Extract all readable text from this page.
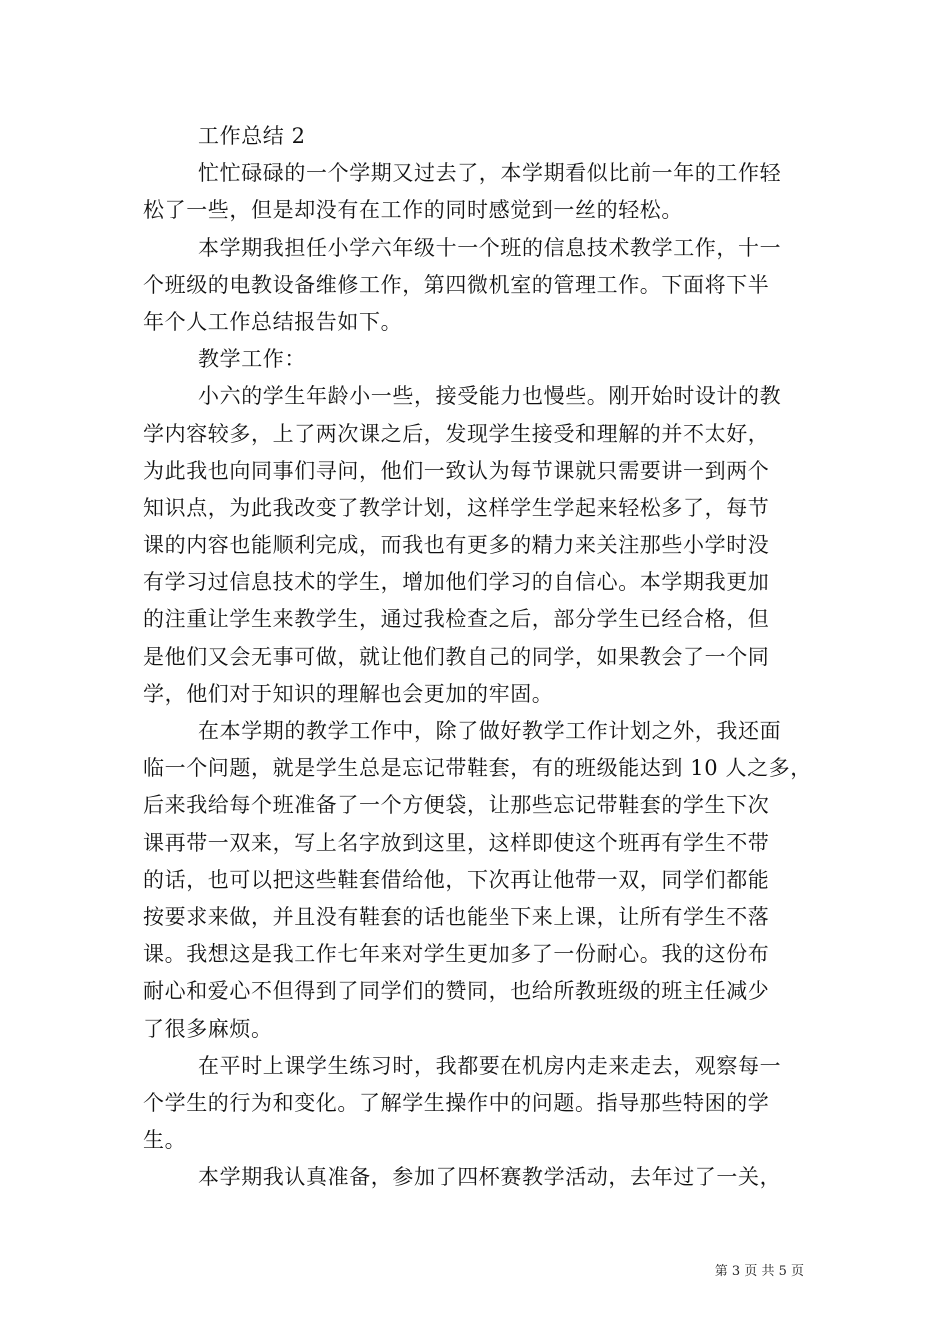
工作总结 2
忙忙碌碌的一个学期又过去了，本学期看似比前一年的工作轻
松了一些，但是却没有在工作的同时感觉到一丝的轻松。
本学期我担任小学六年级十一个班的信息技术教学工作，十一
个班级的电教设备维修工作，第四微机室的管理工作。下面将下半
年个人工作总结报告如下。
教学工作：
小六的学生年龄小一些，接受能力也慢些。刚开始时设计的教
学内容较多，上了两次课之后，发现学生接受和理解的并不太好，
为此我也向同事们寻问，他们一致认为每节课就只需要讲一到两个
知识点，为此我改变了教学计划，这样学生学起来轻松多了，每节
课的内容也能顺利完成，而我也有更多的精力来关注那些小学时没
有学习过信息技术的学生，增加他们学习的自信心。本学期我更加
的注重让学生来教学生，通过我检查之后，部分学生已经合格，但
是他们又会无事可做，就让他们教自己的同学，如果教会了一个同
学，他们对于知识的理解也会更加的牢固。
在本学期的教学工作中，除了做好教学工作计划之外，我还面
临一个问题，就是学生总是忘记带鞋套，有的班级能达到 10 人之多，
后来我给每个班准备了一个方便袋，让那些忘记带鞋套的学生下次
课再带一双来，写上名字放到这里，这样即使这个班再有学生不带
的话，也可以把这些鞋套借给他，下次再让他带一双，同学们都能
按要求来做，并且没有鞋套的话也能坐下来上课，让所有学生不落
课。我想这是我工作七年来对学生更加多了一份耐心。我的这份布
耐心和爱心不但得到了同学们的赞同，也给所教班级的班主任减少
了很多麻烦。
在平时上课学生练习时，我都要在机房内走来走去，观察每一
个学生的行为和变化。了解学生操作中的问题。指导那些特困的学
生。
本学期我认真准备，参加了四杯赛教学活动，去年过了一关，
第 3 页 共 5 页
